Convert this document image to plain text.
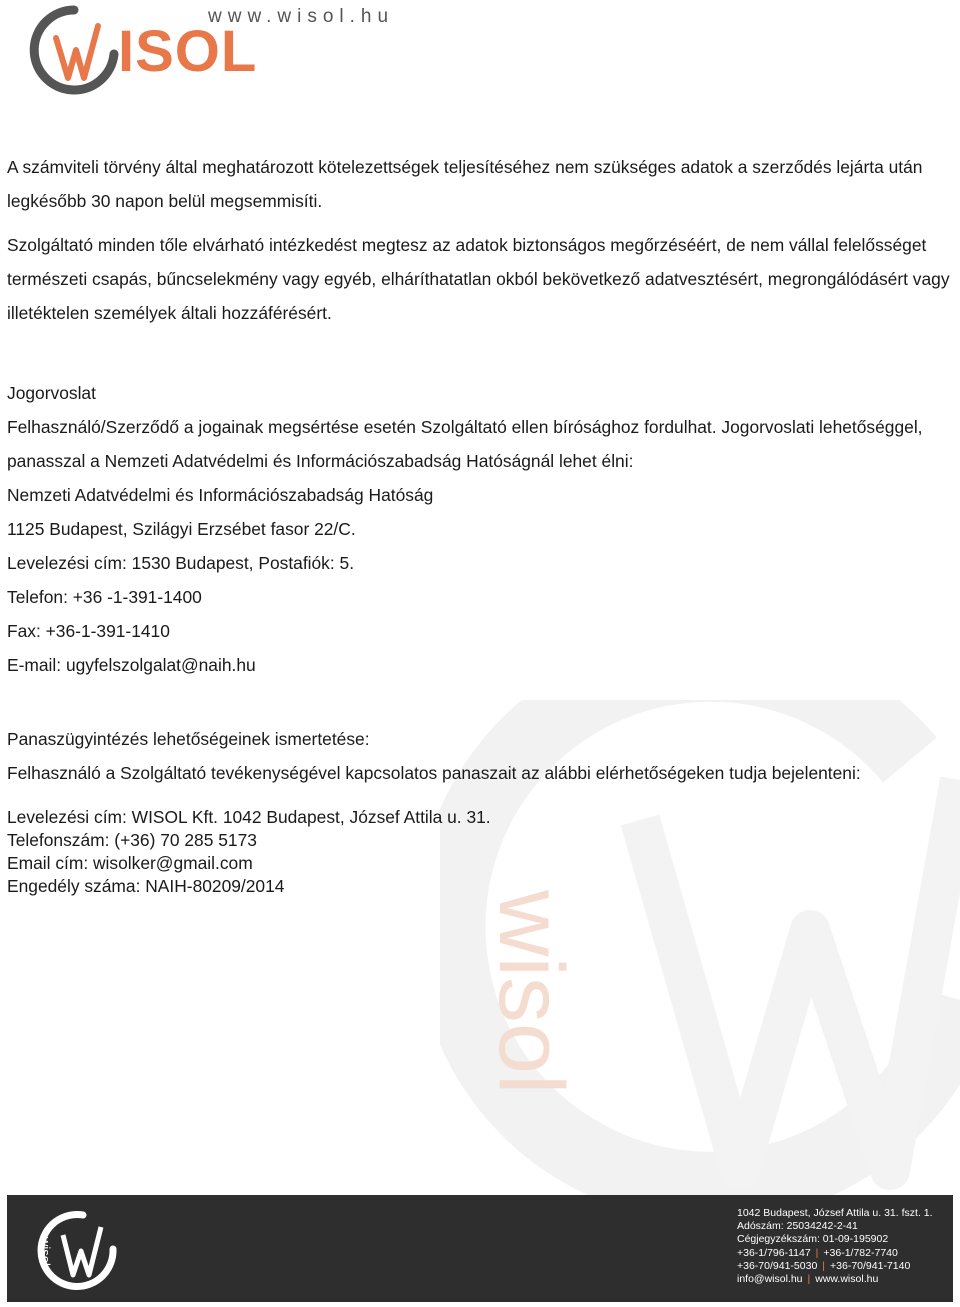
ISOL
www.wisol.hu
wisol

A számviteli törvény által meghatározott kötelezettségek teljesítéséhez nem szükséges adatok a szerződés lejárta után legkésőbb 30 napon belül megsemmisíti.

Szolgáltató minden tőle elvárható intézkedést megtesz az adatok biztonságos megőrzéséért, de nem vállal felelősséget természeti csapás, bűncselekmény vagy egyéb, elháríthatatlan okból bekövetkező adatvesztésért, megrongálódásért vagy illetéktelen személyek általi hozzáférésért.

Jogorvoslat

Felhasználó/Szerződő a jogainak megsértése esetén Szolgáltató ellen bírósághoz fordulhat. Jogorvoslati lehetőséggel, panasszal a Nemzeti Adatvédelmi és Információszabadság Hatóságnál lehet élni:

Nemzeti Adatvédelmi és Információszabadság Hatóság

1125 Budapest, Szilágyi Erzsébet fasor 22/C.

Levelezési cím: 1530 Budapest, Postafiók: 5.

Telefon: +36 -1-391-1400

Fax: +36-1-391-1410

E-mail: ugyfelszolgalat@naih.hu

Panaszügyintézés lehetőségeinek ismertetése:

Felhasználó a Szolgáltató tevékenységével kapcsolatos panaszait az alábbi elérhetőségeken tudja bejelenteni:

Levelezési cím: WISOL Kft. 1042 Budapest, József Attila u. 31.

Telefonszám: (+36) 70 285 5173

Email cím: wisolker@gmail.com

Engedély száma: NAIH-80209/2014

wisol
1042 Budapest, József Attila u. 31. fszt. 1.
Adószám: 25034242-2-41
Cégjegyzékszám: 01-09-195902
+36-1/796-1147 | +36-1/782-7740
+36-70/941-5030 | +36-70/941-7140
info@wisol.hu | www.wisol.hu
